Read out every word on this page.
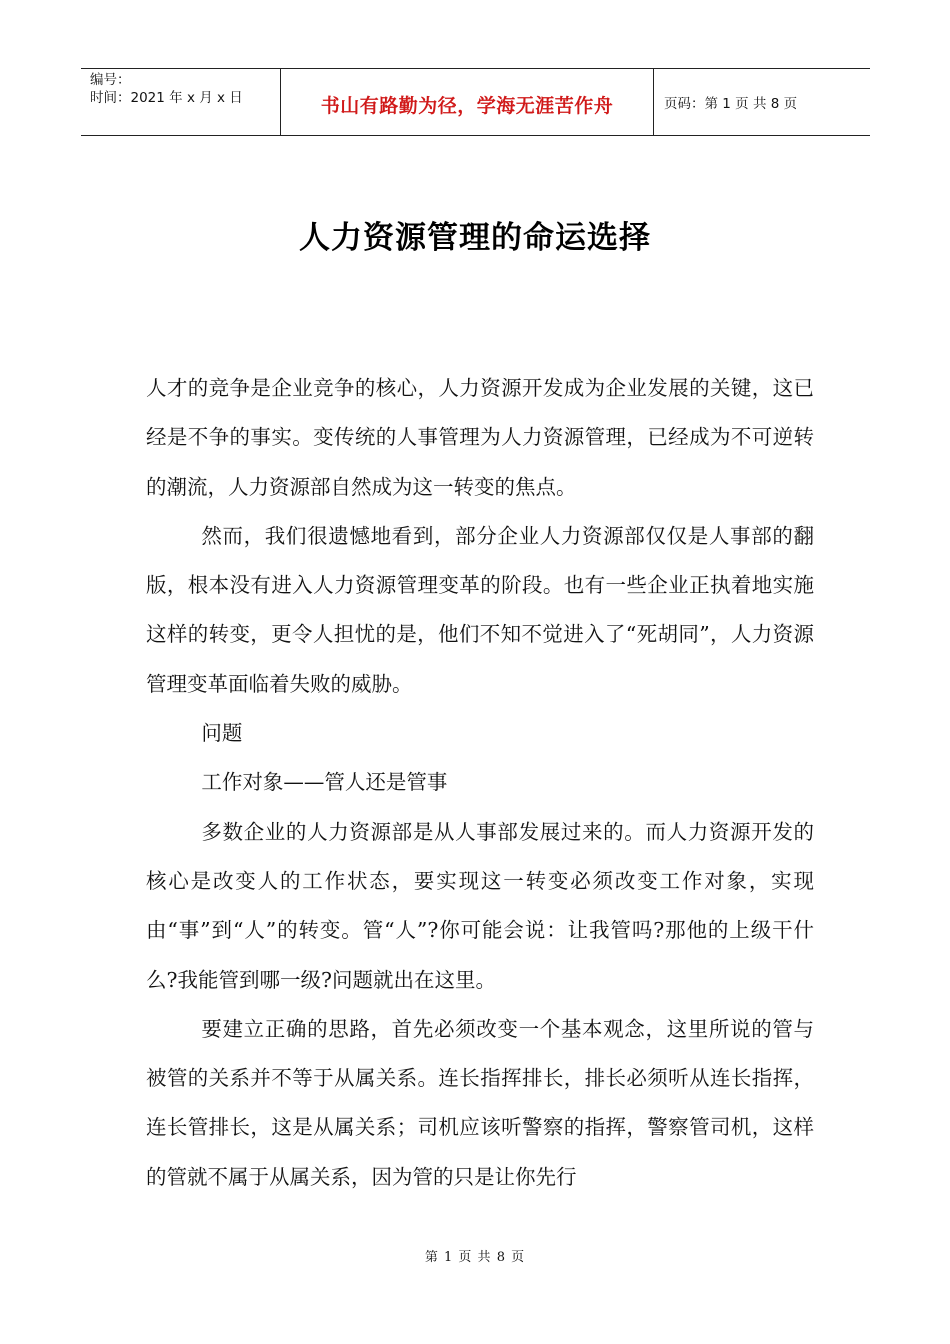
编号：
时间：2021 年 x 月 x 日	书山有路勤为径，学海无涯苦作舟	页码：第 1 页 共 8 页
人力资源管理的命运选择

人才的竞争是企业竞争的核心，人力资源开发成为企业发展的关键，这已经是不争的事实。变传统的人事管理为人力资源管理，已经成为不可逆转的潮流，人力资源部自然成为这一转变的焦点。

然而，我们很遗憾地看到，部分企业人力资源部仅仅是人事部的翻版，根本没有进入人力资源管理变革的阶段。也有一些企业正执着地实施这样的转变，更令人担忧的是，他们不知不觉进入了“死胡同”，人力资源管理变革面临着失败的威胁。

问题

工作对象——管人还是管事

多数企业的人力资源部是从人事部发展过来的。而人力资源开发的核心是改变人的工作状态，要实现这一转变必须改变工作对象，实现由“事”到“人”的转变。管“人”?你可能会说：让我管吗?那他的上级干什么?我能管到哪一级?问题就出在这里。

要建立正确的思路，首先必须改变一个基本观念，这里所说的管与被管的关系并不等于从属关系。连长指挥排长，排长必须听从连长指挥，连长管排长，这是从属关系；司机应该听警察的指挥，警察管司机，这样的管就不属于从属关系，因为管的只是让你先行

第 1 页 共 8 页
